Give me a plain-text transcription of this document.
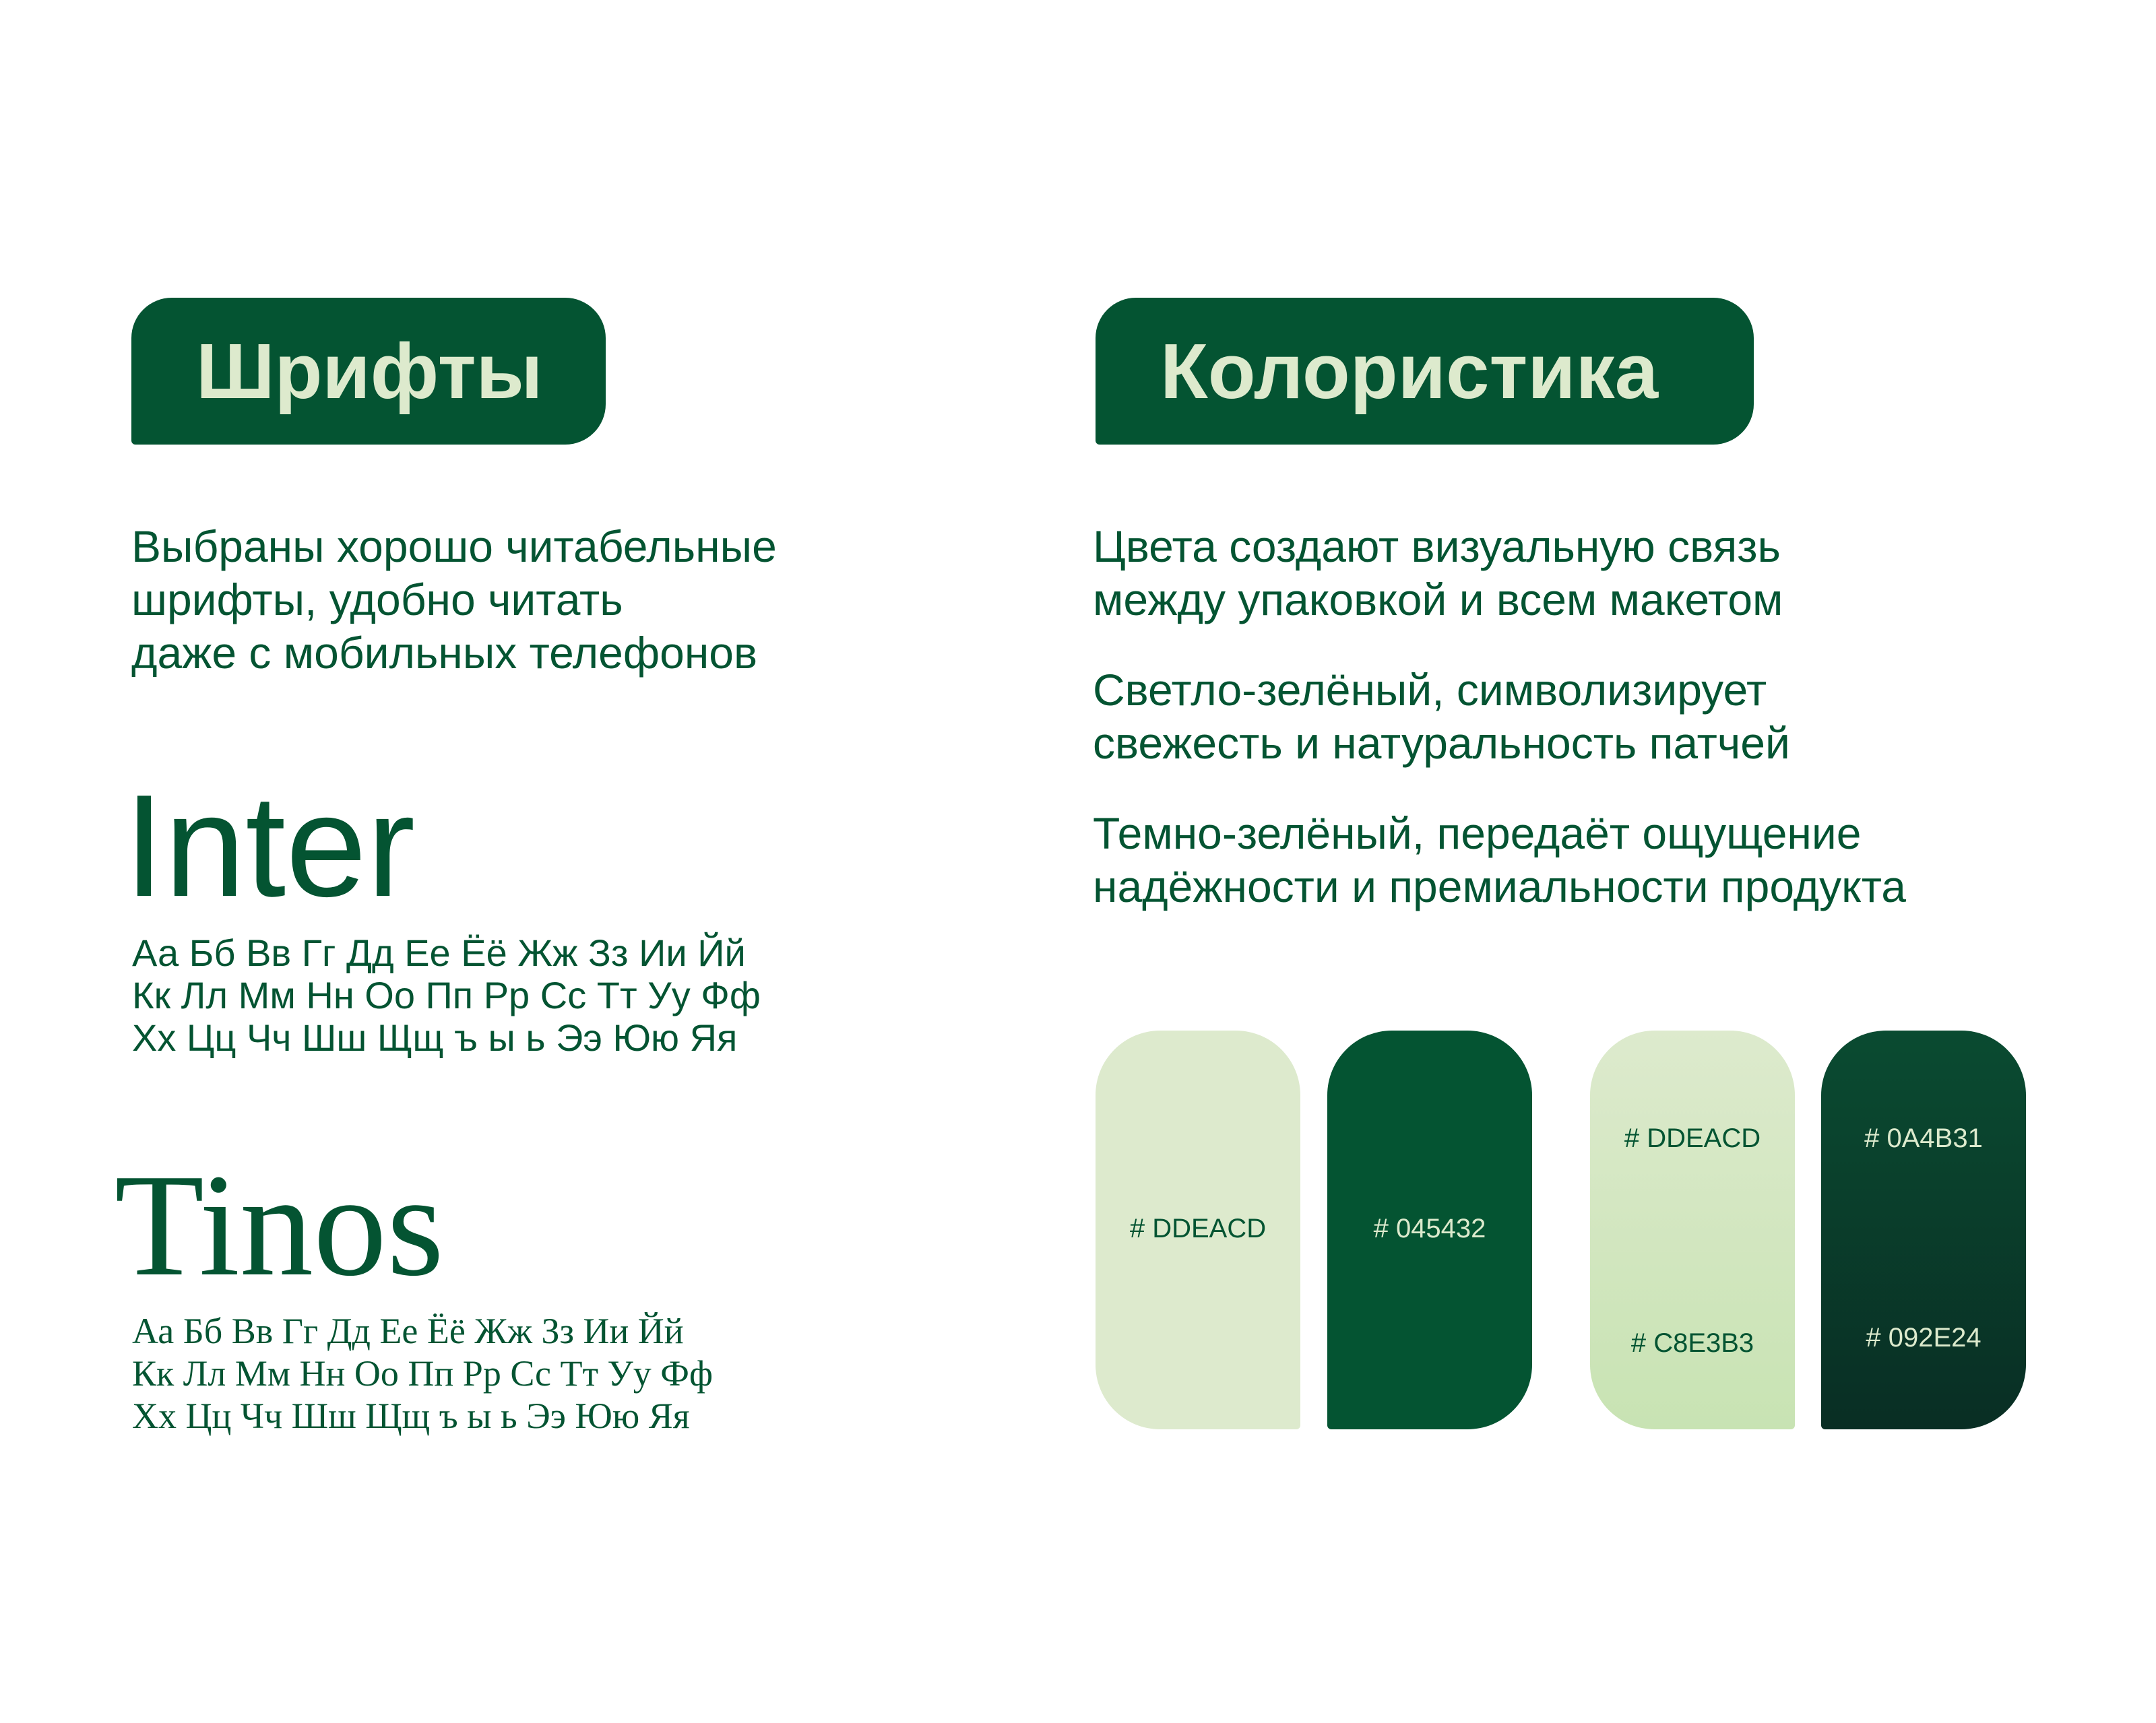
Шрифты	Колористика

Выбраны хорошо читабельные
шрифты, удобно читать
даже с мобильных телефонов

Цвета создают визуальную связь
между упаковкой и всем макетом

Светло-зелёный, символизирует
свежесть и натуральность патчей

Темно-зелёный, передаёт ощущение
надёжности и премиальности продукта

Inter

Аа Бб Вв Гг Дд Ее Ёё Жж Зз Ии Йй
Кк Лл Мм Нн Оо Пп Рр Сс Тт Уу Фф
Хх Цц Чч Шш Щщ ъ ы ь Ээ Юю Яя

Tinos

Аа Бб Вв Гг Дд Ее Ёё Жж Зз Ии Йй
Кк Лл Мм Нн Оо Пп Рр Сс Тт Уу Фф
Хх Цц Чч Шш Щщ ъ ы ь Ээ Юю Яя

# DDEACD	# 045432
# DDEACD
# C8E3B3
# 0A4B31
# 092E24
